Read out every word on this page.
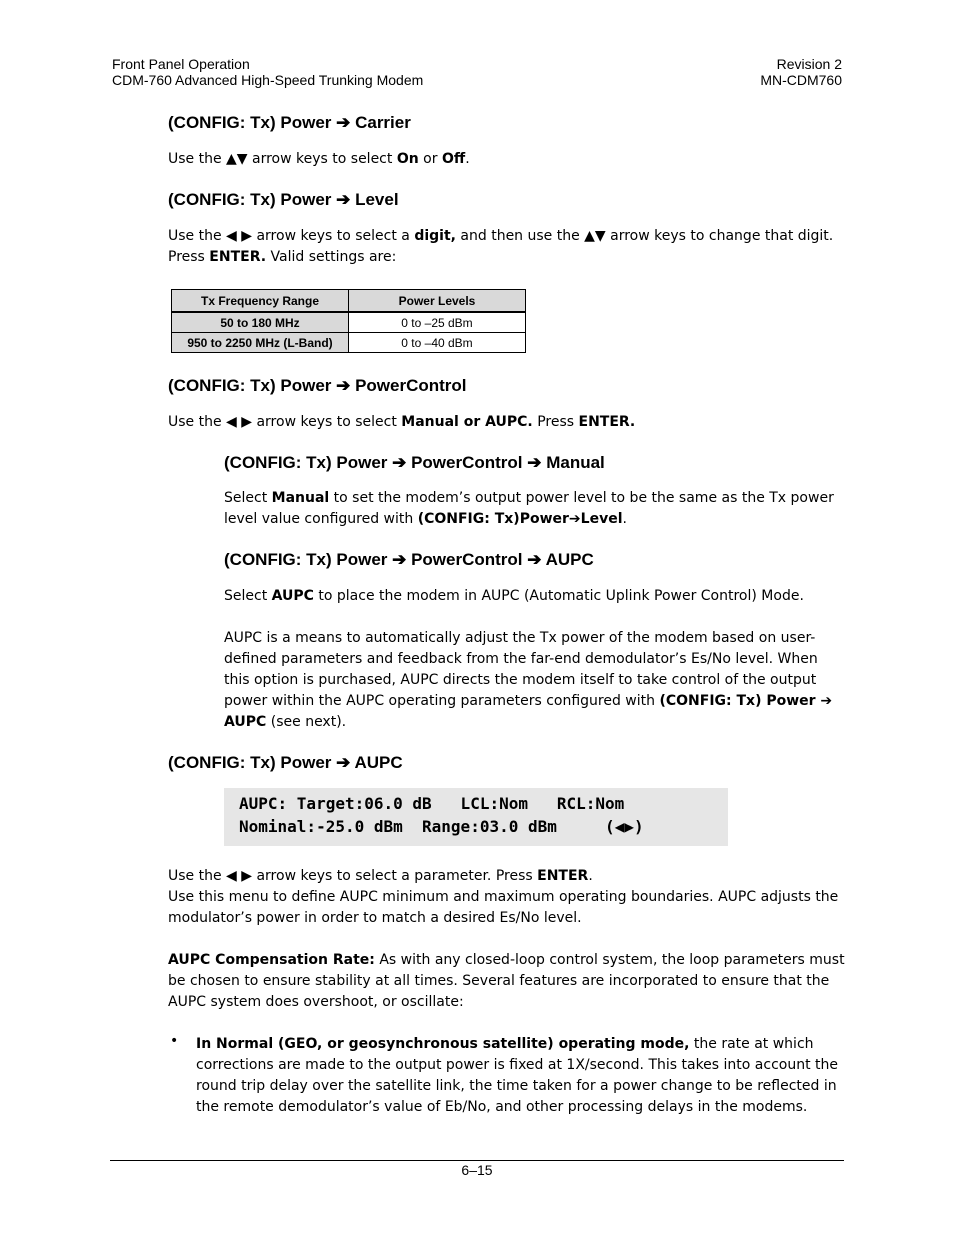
Front Panel Operation
CDM-760 Advanced High-Speed Trunking Modem
Revision 2
MN-CDM760
(CONFIG: Tx) Power ➔ Carrier
Use the ▲▼ arrow keys to select On or Off.
(CONFIG: Tx) Power ➔ Level
Use the ◀ ▶ arrow keys to select a digit, and then use the ▲▼ arrow keys to change that digit.
Press ENTER. Valid settings are:
Tx Frequency Range	Power Levels
50 to 180 MHz	0 to –25 dBm
950 to 2250 MHz (L-Band)	0 to –40 dBm
(CONFIG: Tx) Power ➔ PowerControl
Use the ◀ ▶ arrow keys to select Manual or AUPC. Press ENTER.
(CONFIG: Tx) Power ➔ PowerControl ➔ Manual
Select Manual to set the modem’s output power level to be the same as the Tx power
level value configured with (CONFIG: Tx)Power➔Level.
(CONFIG: Tx) Power ➔ PowerControl ➔ AUPC
Select AUPC to place the modem in AUPC (Automatic Uplink Power Control) Mode.
AUPC is a means to automatically adjust the Tx power of the modem based on user-
defined parameters and feedback from the far-end demodulator’s Es/No level. When
this option is purchased, AUPC directs the modem itself to take control of the output
power within the AUPC operating parameters configured with (CONFIG: Tx) Power ➔
AUPC (see next).
(CONFIG: Tx) Power ➔ AUPC
AUPC: Target:06.0 dB   LCL:Nom   RCL:Nom
Nominal:-25.0 dBm  Range:03.0 dBm     (◀▶)
Use the ◀ ▶ arrow keys to select a parameter. Press ENTER.
Use this menu to define AUPC minimum and maximum operating boundaries. AUPC adjusts the
modulator’s power in order to match a desired Es/No level.
AUPC Compensation Rate: As with any closed-loop control system, the loop parameters must
be chosen to ensure stability at all times. Several features are incorporated to ensure that the
AUPC system does overshoot, or oscillate:
• In Normal (GEO, or geosynchronous satellite) operating mode, the rate at which
corrections are made to the output power is fixed at 1X/second. This takes into account the
round trip delay over the satellite link, the time taken for a power change to be reflected in
the remote demodulator’s value of Eb/No, and other processing delays in the modems.
6–15
